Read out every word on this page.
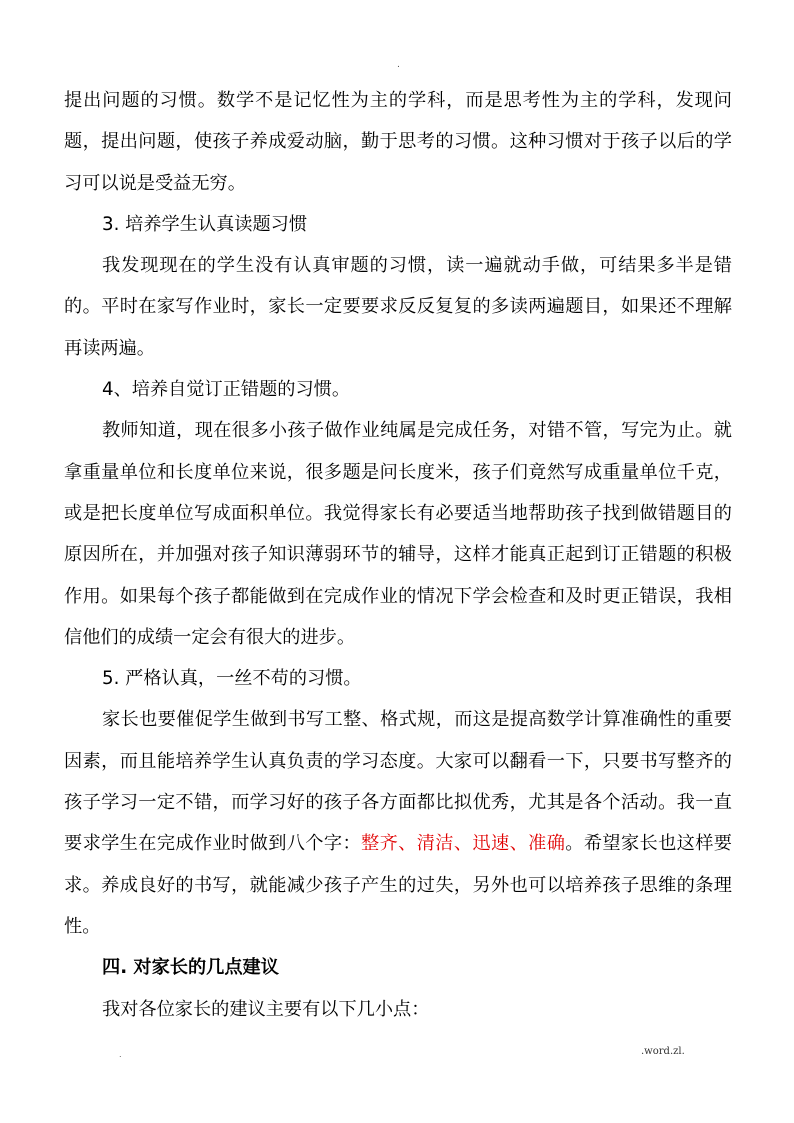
.

提出问题的习惯。数学不是记忆性为主的学科，而是思考性为主的学科，发现问题，提出问题，使孩子养成爱动脑，勤于思考的习惯。这种习惯对于孩子以后的学习可以说是受益无穷。

3. 培养学生认真读题习惯

我发现现在的学生没有认真审题的习惯，读一遍就动手做，可结果多半是错的。平时在家写作业时，家长一定要要求反反复复的多读两遍题目，如果还不理解再读两遍。

4、培养自觉订正错题的习惯。

教师知道，现在很多小孩子做作业纯属是完成任务，对错不管，写完为止。就拿重量单位和长度单位来说，很多题是问长度米，孩子们竟然写成重量单位千克，或是把长度单位写成面积单位。我觉得家长有必要适当地帮助孩子找到做错题目的原因所在，并加强对孩子知识薄弱环节的辅导，这样才能真正起到订正错题的积极作用。如果每个孩子都能做到在完成作业的情况下学会检查和及时更正错误，我相信他们的成绩一定会有很大的进步。

5. 严格认真，一丝不苟的习惯。

家长也要催促学生做到书写工整、格式规，而这是提高数学计算准确性的重要因素，而且能培养学生认真负责的学习态度。大家可以翻看一下，只要书写整齐的孩子学习一定不错，而学习好的孩子各方面都比拟优秀，尤其是各个活动。我一直要求学生在完成作业时做到八个字：整齐、清洁、迅速、准确。希望家长也这样要求。养成良好的书写，就能减少孩子产生的过失，另外也可以培养孩子思维的条理性。

四. 对家长的几点建议

我对各位家长的建议主要有以下几小点：

.	.word.zl.
